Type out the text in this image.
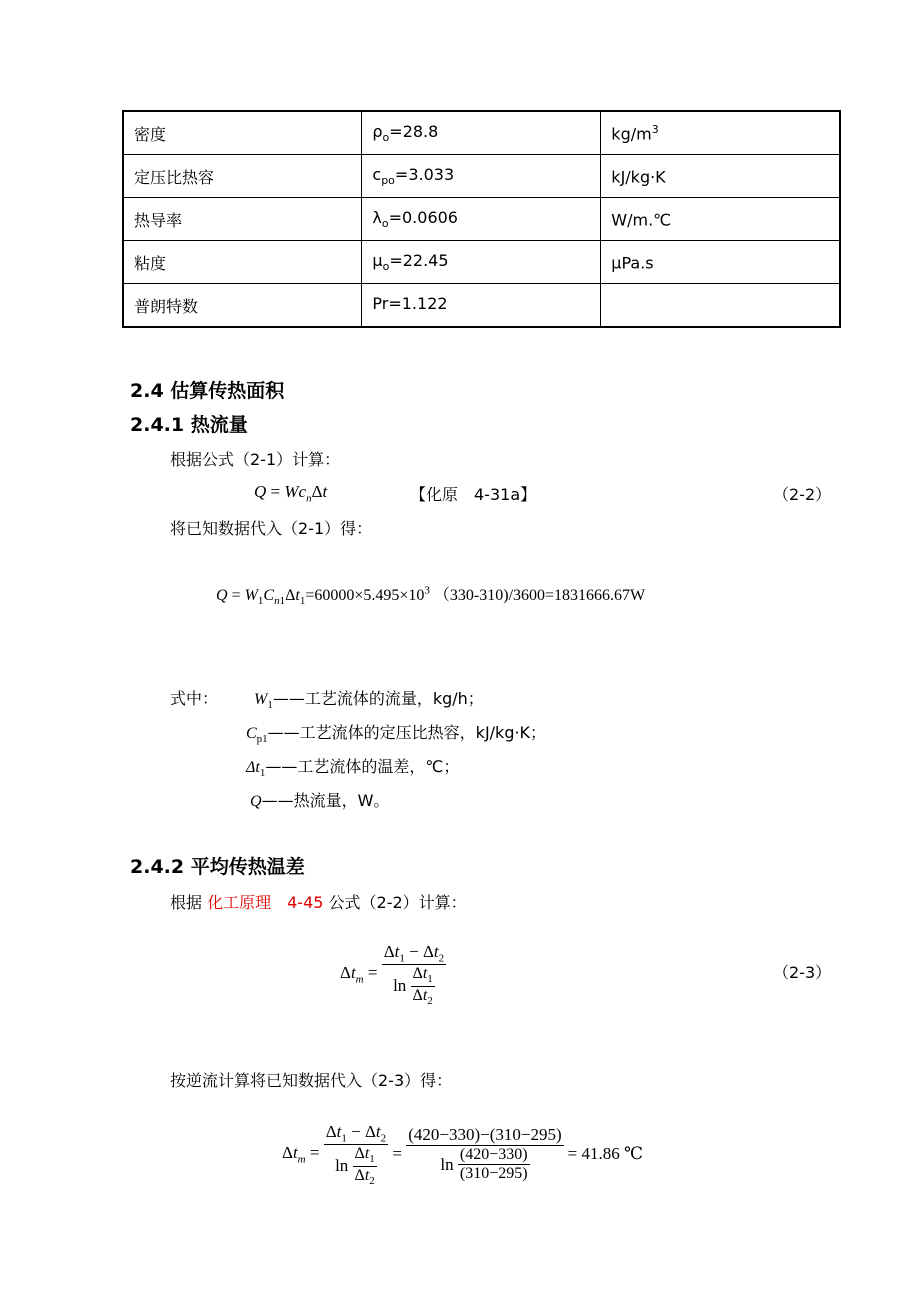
密度	$\rho_o=28.8$	$kg/m^3$
定压比热容	$c_{po}=3.033$	kJ/kg·K
热导率	$\lambda_o=0.0606$	W/m.℃
粘度	$\mu_o=22.45$	μPa.s
普朗特数	Pr=1.122	
2.4 估算传热面积
2.4.1 热流量
根据公式（2-1）计算：
$Q = Wc_n\Delta t$	【化原　4-31a】	（2-2）
将已知数据代入（2-1）得：
$Q = W_1C_{n1}\Delta t_1=60000\times 5.495\times 10^3$ （330-310)/3600=1831666.67W
式中： $W_1——$工艺流体的流量，kg/h；
$C_{p1}——$工艺流体的定压比热容，kJ/kg·K；
$\Delta t_1——$工艺流体的温差，℃；
Q——热流量，W。
2.4.2 平均传热温差
根据 化工原理　4-45 公式（2-2）计算：
$\Delta t_m = \frac{\Delta t_1 - \Delta t_2}{\ln \frac{\Delta t_1}{\Delta t_2}}$	（2-3）
按逆流计算将已知数据代入（2-3）得：
$\Delta t_m = \frac{\Delta t_1 - \Delta t_2}{\ln \frac{\Delta t_1}{\Delta t_2}} = \frac{(420-330)-(310-295)}{\ln \frac{(420-330)}{(310-295)}} = 41.86$ ℃
